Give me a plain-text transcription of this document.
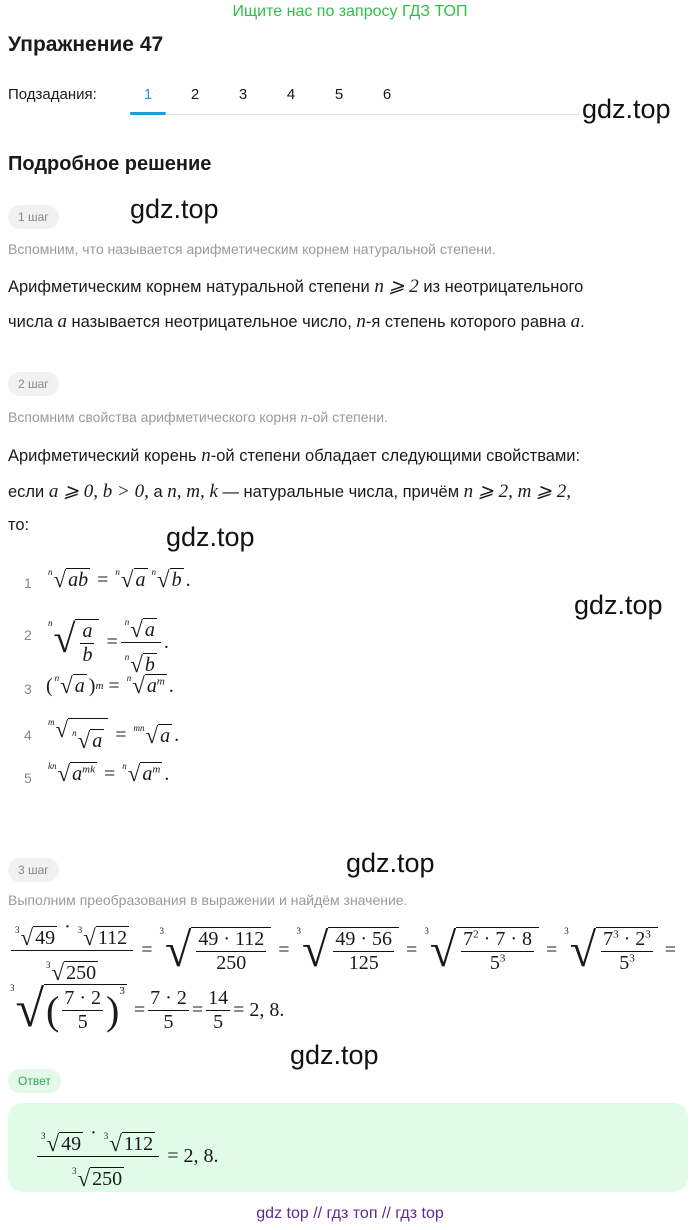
Ищите нас по запросу ГДЗ ТОП
Упражнение 47
Подзадания:	1	2	3	4	5	6	gdz.top
Подробное решение
1 шаг	gdz.top
Вспомним, что называется арифметическим корнем натуральной степени.
Арифметическим корнем натуральной степени n ⩾ 2 из неотрицательного
числа a называется неотрицательное число, n-я степень которого равна a.
2 шаг
Вспомним свойства арифметического корня n-ой степени.
Арифметический корень n-ой степени обладает следующими свойствами:
если a ⩾ 0, b > 0, а n, m, k — натуральные числа, причём n ⩾ 2, m ⩾ 2,
то:	gdz.top
gdz.top
1
n √ ab
=
n √ a n √ b .
2
n √ $\frac{a}{b}$
= $\frac{n √ a}{n √ b}$ .
3 ( n √ a ) m
=
n √ $a^m$ .
4
m √ n √ a
=
mn √ a .
5
kn √ $a^{mk}$
=
n √ $a^m$ .
3 шаг	gdz.top
Выполним преобразования в выражении и найдём значение.
$\frac{3 √ 49 \cdot 3 √ 112}{3 √ 250}$
=

3 √ $\frac{49 \cdot 112}{250}$
=

3 √ $\frac{49 \cdot 56}{125}$
=

3 √ $\frac{7^2 \cdot 7 \cdot 8}{5^3}$
=

3 √ $\frac{7^3 \cdot 2^3}{5^3}$
=
3 √ ( 7 · 2
5 )$^3$

= $\frac{7 \cdot 2}{5} = \frac{14}{5} = 2$, 8.
gdz.top
Ответ
$\frac{3 √ 49 \cdot 3 √ 112}{3 √ 250}$
= 2, 8.
gdz top // гдз топ // гдз top
